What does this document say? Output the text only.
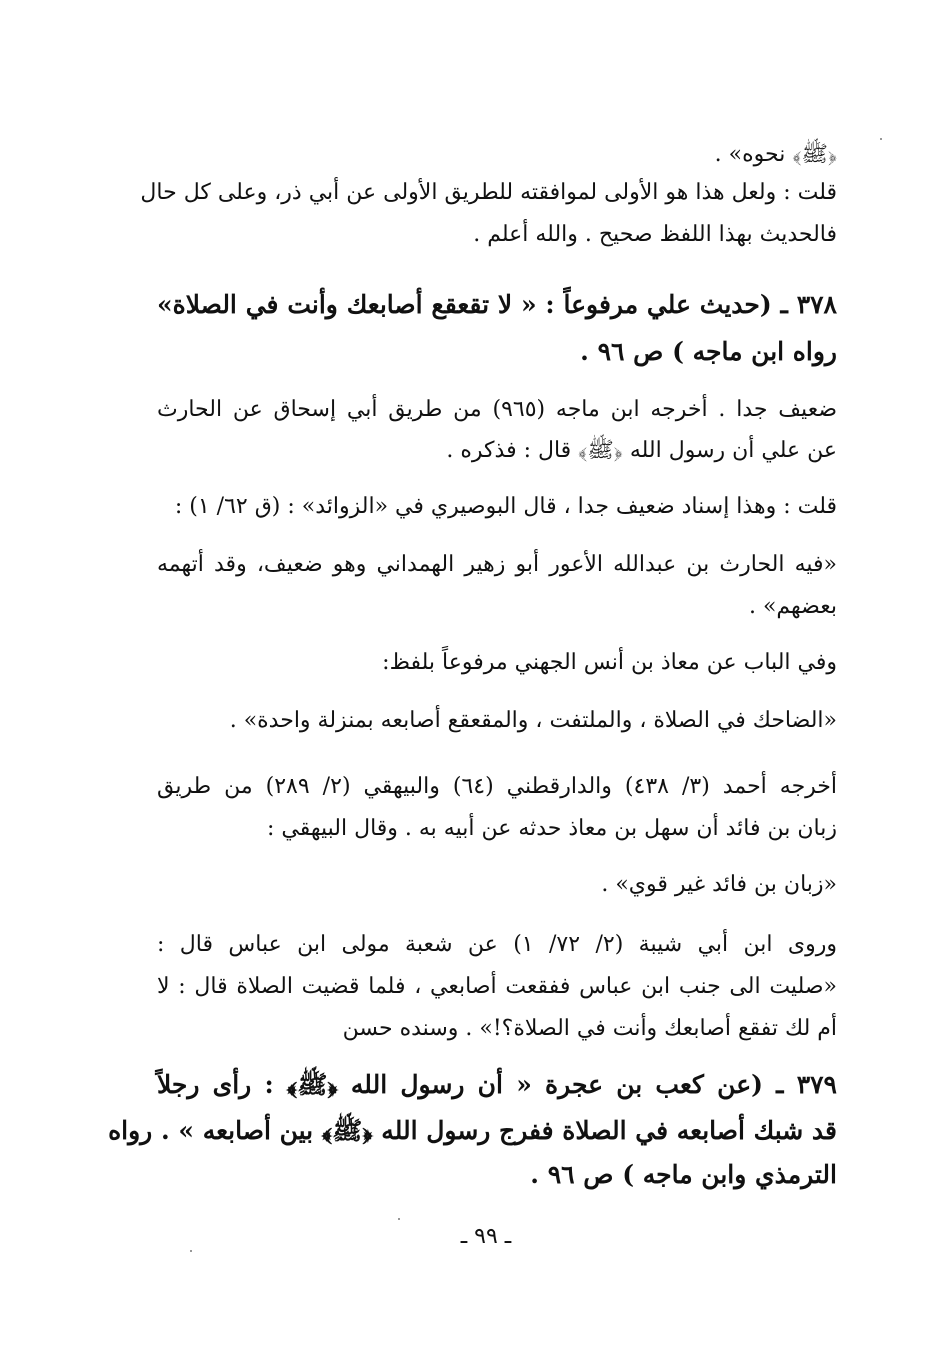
﴿ﷺ﴾ نحوه» .
قلت : ولعل هذا هو الأولى لموافقته للطريق الأولى عن أبي ذر، وعلى كل حال
فالحديث بهذا اللفظ صحيح . والله أعلم .
٣٧٨ ـ (حديث علي مرفوعاً : « لا تقعقع أصابعك وأنت في الصلاة»
رواه ابن ماجه ) ص ٩٦ .
ضعيف جدا . أخرجه ابن ماجه (٩٦٥) من طريق أبي إسحاق عن الحارث
عن علي أن رسول الله ﴿ﷺ﴾ قال : فذكره .
قلت : وهذا إسناد ضعيف جدا ، قال البوصيري في «الزوائد» : (ق ٦٢/ ١) :
«فيه الحارث بن عبدالله الأعور أبو زهير الهمداني وهو ضعيف، وقد أتهمه
بعضهم» .
وفي الباب عن معاذ بن أنس الجهني مرفوعاً بلفظ:
«الضاحك في الصلاة ، والملتفت ، والمقعقع أصابعه بمنزلة واحدة» .
أخرجه أحمد (٣/ ٤٣٨) والدارقطني (٦٤) والبيهقي (٢/ ٢٨٩) من طريق
زبان بن فائد أن سهل بن معاذ حدثه عن أبيه به . وقال البيهقي :
«زبان بن فائد غير قوي» .
وروى ابن أبي شيبة (٢/ ٧٢/ ١) عن شعبة مولى ابن عباس قال :
«صليت الى جنب ابن عباس ففقعت أصابعي ، فلما قضيت الصلاة قال : لا
أم لك تفقع أصابعك وأنت في الصلاة؟!» . وسنده حسن
٣٧٩ ـ (عن كعب بن عجرة « أن رسول الله ﴿ﷺ﴾ : رأى رجلاً
قد شبك أصابعه في الصلاة ففرج رسول الله ﴿ﷺ﴾ بين أصابعه » . رواه
الترمذي وابن ماجه ) ص ٩٦ .
ـ ٩٩ ـ
